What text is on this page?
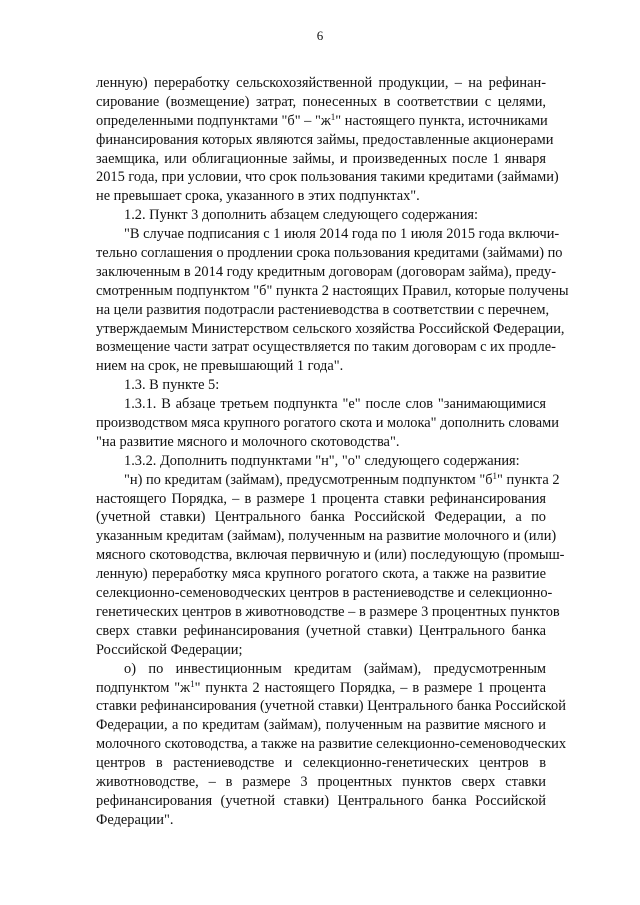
6
ленную) переработку сельскохозяйственной продукции, – на рефинан-
сирование (возмещение) затрат, понесенных в соответствии с целями,
определенными подпунктами "б" – "$ж^1$" настоящего пункта, источниками
финансирования которых являются займы, предоставленные акционерами
заемщика, или облигационные займы, и произведенных после 1 января
2015 года, при условии, что срок пользования такими кредитами (займами)
не превышает срока, указанного в этих подпунктах".
1.2. Пункт 3 дополнить абзацем следующего содержания:
"В случае подписания с 1 июля 2014 года по 1 июля 2015 года включи-
тельно соглашения о продлении срока пользования кредитами (займами) по
заключенным в 2014 году кредитным договорам (договорам займа), преду-
смотренным подпунктом "б" пункта 2 настоящих Правил, которые получены
на цели развития подотрасли растениеводства в соответствии с перечнем,
утверждаемым Министерством сельского хозяйства Российской Федерации,
возмещение части затрат осуществляется по таким договорам с их продле-
нием на срок, не превышающий 1 года".
1.3. В пункте 5:
1.3.1. В абзаце третьем подпункта "е" после слов "занимающимися
производством мяса крупного рогатого скота и молока" дополнить словами
"на развитие мясного и молочного скотоводства".
1.3.2. Дополнить подпунктами "н", "о" следующего содержания:
"н) по кредитам (займам), предусмотренным подпунктом "$б^1$" пункта 2
настоящего Порядка, – в размере 1 процента ставки рефинансирования
(учетной ставки) Центрального банка Российской Федерации, а по
указанным кредитам (займам), полученным на развитие молочного и (или)
мясного скотоводства, включая первичную и (или) последующую (промыш-
ленную) переработку мяса крупного рогатого скота, а также на развитие
селекционно-семеноводческих центров в растениеводстве и селекционно-
генетических центров в животноводстве – в размере 3 процентных пунктов
сверх ставки рефинансирования (учетной ставки) Центрального банка
Российской Федерации;
о) по инвестиционным кредитам (займам), предусмотренным
подпунктом "$ж^1$" пункта 2 настоящего Порядка, – в размере 1 процента
ставки рефинансирования (учетной ставки) Центрального банка Российской
Федерации, а по кредитам (займам), полученным на развитие мясного и
молочного скотоводства, а также на развитие селекционно-семеноводческих
центров в растениеводстве и селекционно-генетических центров в
животноводстве, – в размере 3 процентных пунктов сверх ставки
рефинансирования (учетной ставки) Центрального банка Российской
Федерации".
